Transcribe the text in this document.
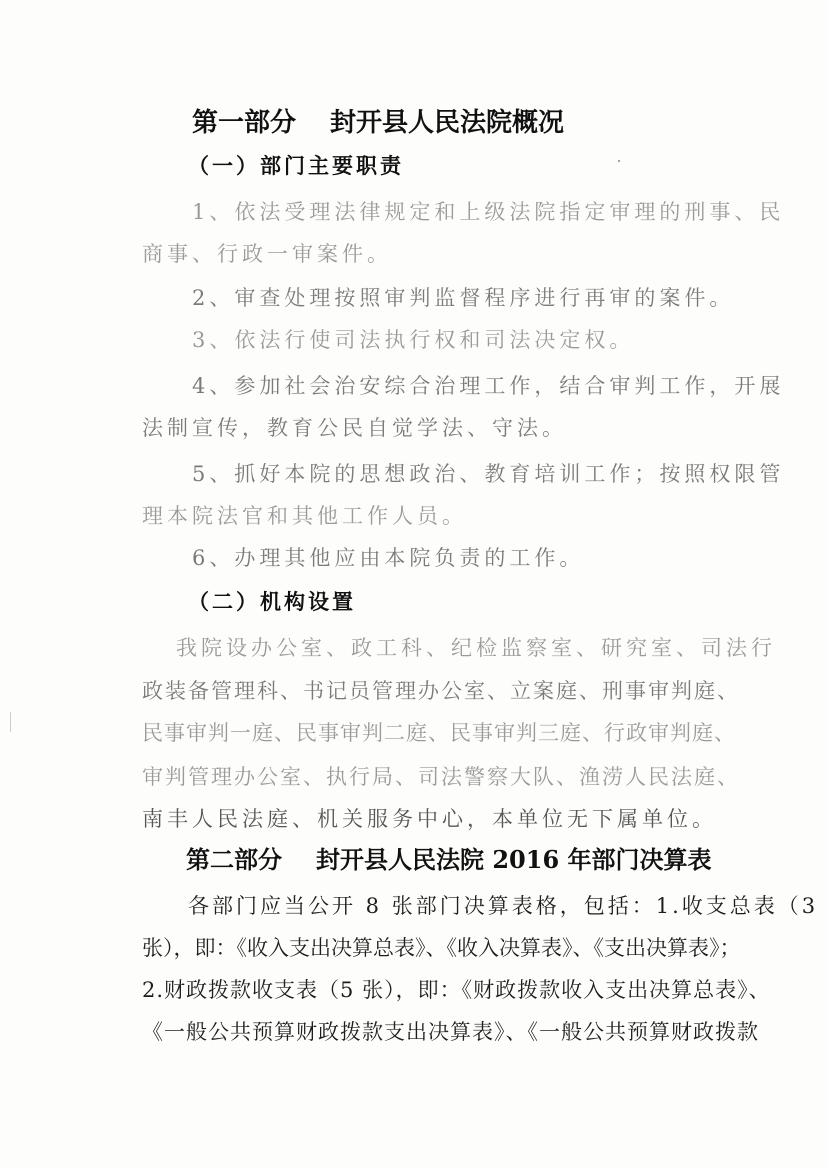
第一部分 封开县人民法院概况
（一）部门主要职责
1、依法受理法律规定和上级法院指定审理的刑事、民
商事、行政一审案件。
2、审查处理按照审判监督程序进行再审的案件。
3、依法行使司法执行权和司法决定权。
4、参加社会治安综合治理工作，结合审判工作，开展
法制宣传，教育公民自觉学法、守法。
5、抓好本院的思想政治、教育培训工作；按照权限管
理本院法官和其他工作人员。
6、办理其他应由本院负责的工作。
（二）机构设置
我院设办公室、政工科、纪检监察室、研究室、司法行
政装备管理科、书记员管理办公室、立案庭、刑事审判庭、
民事审判一庭、民事审判二庭、民事审判三庭、行政审判庭、
审判管理办公室、执行局、司法警察大队、渔涝人民法庭、
南丰人民法庭、机关服务中心，本单位无下属单位。
第二部分 封开县人民法院 2016 年部门决算表
各部门应当公开 8 张部门决算表格，包括：1.收支总表（3
张），即：《收入支出决算总表》、《收入决算表》、《支出决算表》；
2.财政拨款收支表（5 张），即：《财政拨款收入支出决算总表》、
《一般公共预算财政拨款支出决算表》、《一般公共预算财政拨款
